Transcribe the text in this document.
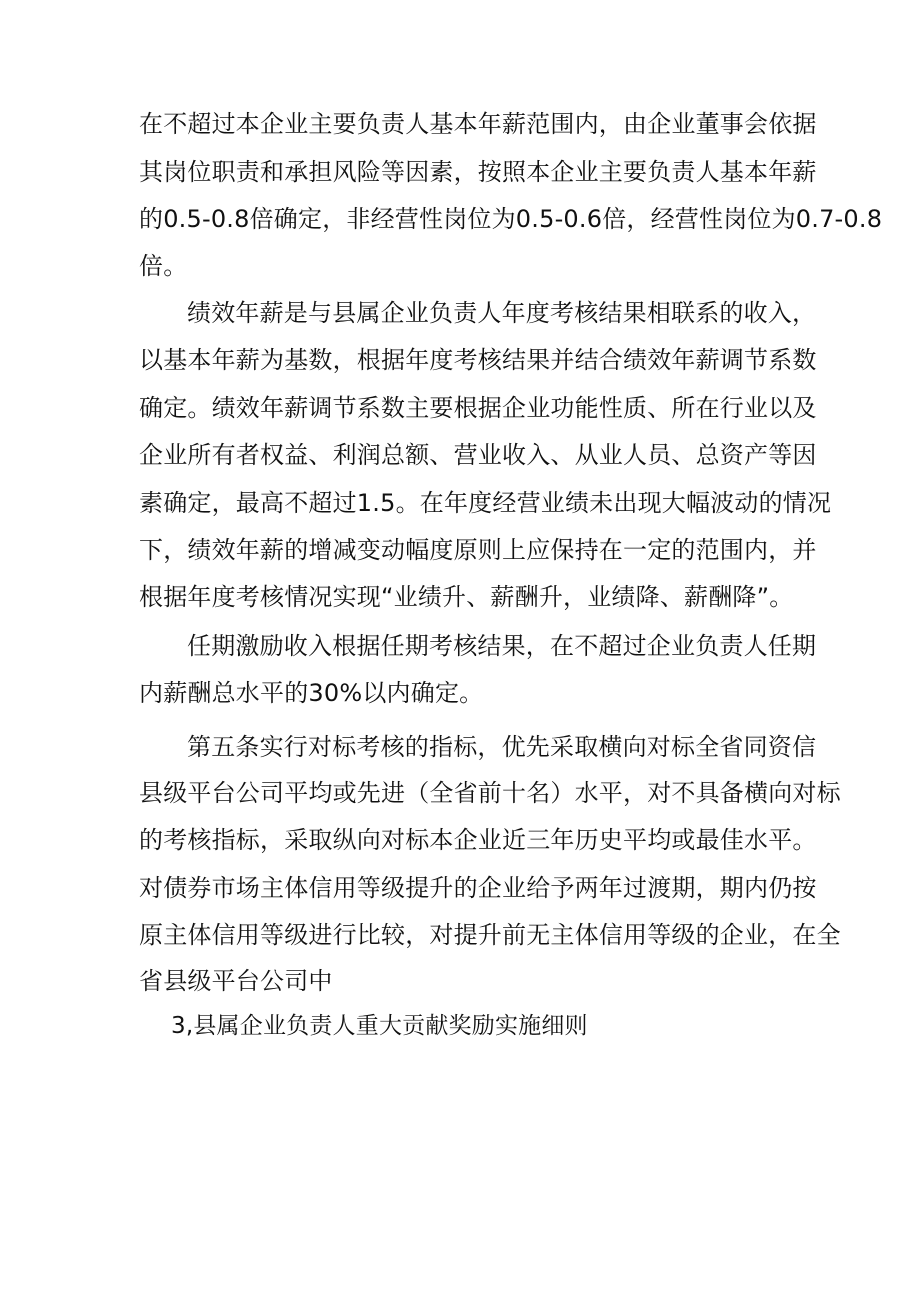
在不超过本企业主要负责人基本年薪范围内，由企业董事会依据
其岗位职责和承担风险等因素，按照本企业主要负责人基本年薪
的0.5-0.8倍确定，非经营性岗位为0.5-0.6倍，经营性岗位为0.7-0.8
倍。
绩效年薪是与县属企业负责人年度考核结果相联系的收入，
以基本年薪为基数，根据年度考核结果并结合绩效年薪调节系数
确定。绩效年薪调节系数主要根据企业功能性质、所在行业以及
企业所有者权益、利润总额、营业收入、从业人员、总资产等因
素确定，最高不超过1.5。在年度经营业绩未出现大幅波动的情况
下，绩效年薪的增减变动幅度原则上应保持在一定的范围内，并
根据年度考核情况实现“业绩升、薪酬升，业绩降、薪酬降”。
任期激励收入根据任期考核结果，在不超过企业负责人任期
内薪酬总水平的30%以内确定。
第五条实行对标考核的指标，优先采取横向对标全省同资信
县级平台公司平均或先进（全省前十名）水平，对不具备横向对标
的考核指标，采取纵向对标本企业近三年历史平均或最佳水平。
对债券市场主体信用等级提升的企业给予两年过渡期，期内仍按
原主体信用等级进行比较，对提升前无主体信用等级的企业，在全
省县级平台公司中
3,县属企业负责人重大贡献奖励实施细则
